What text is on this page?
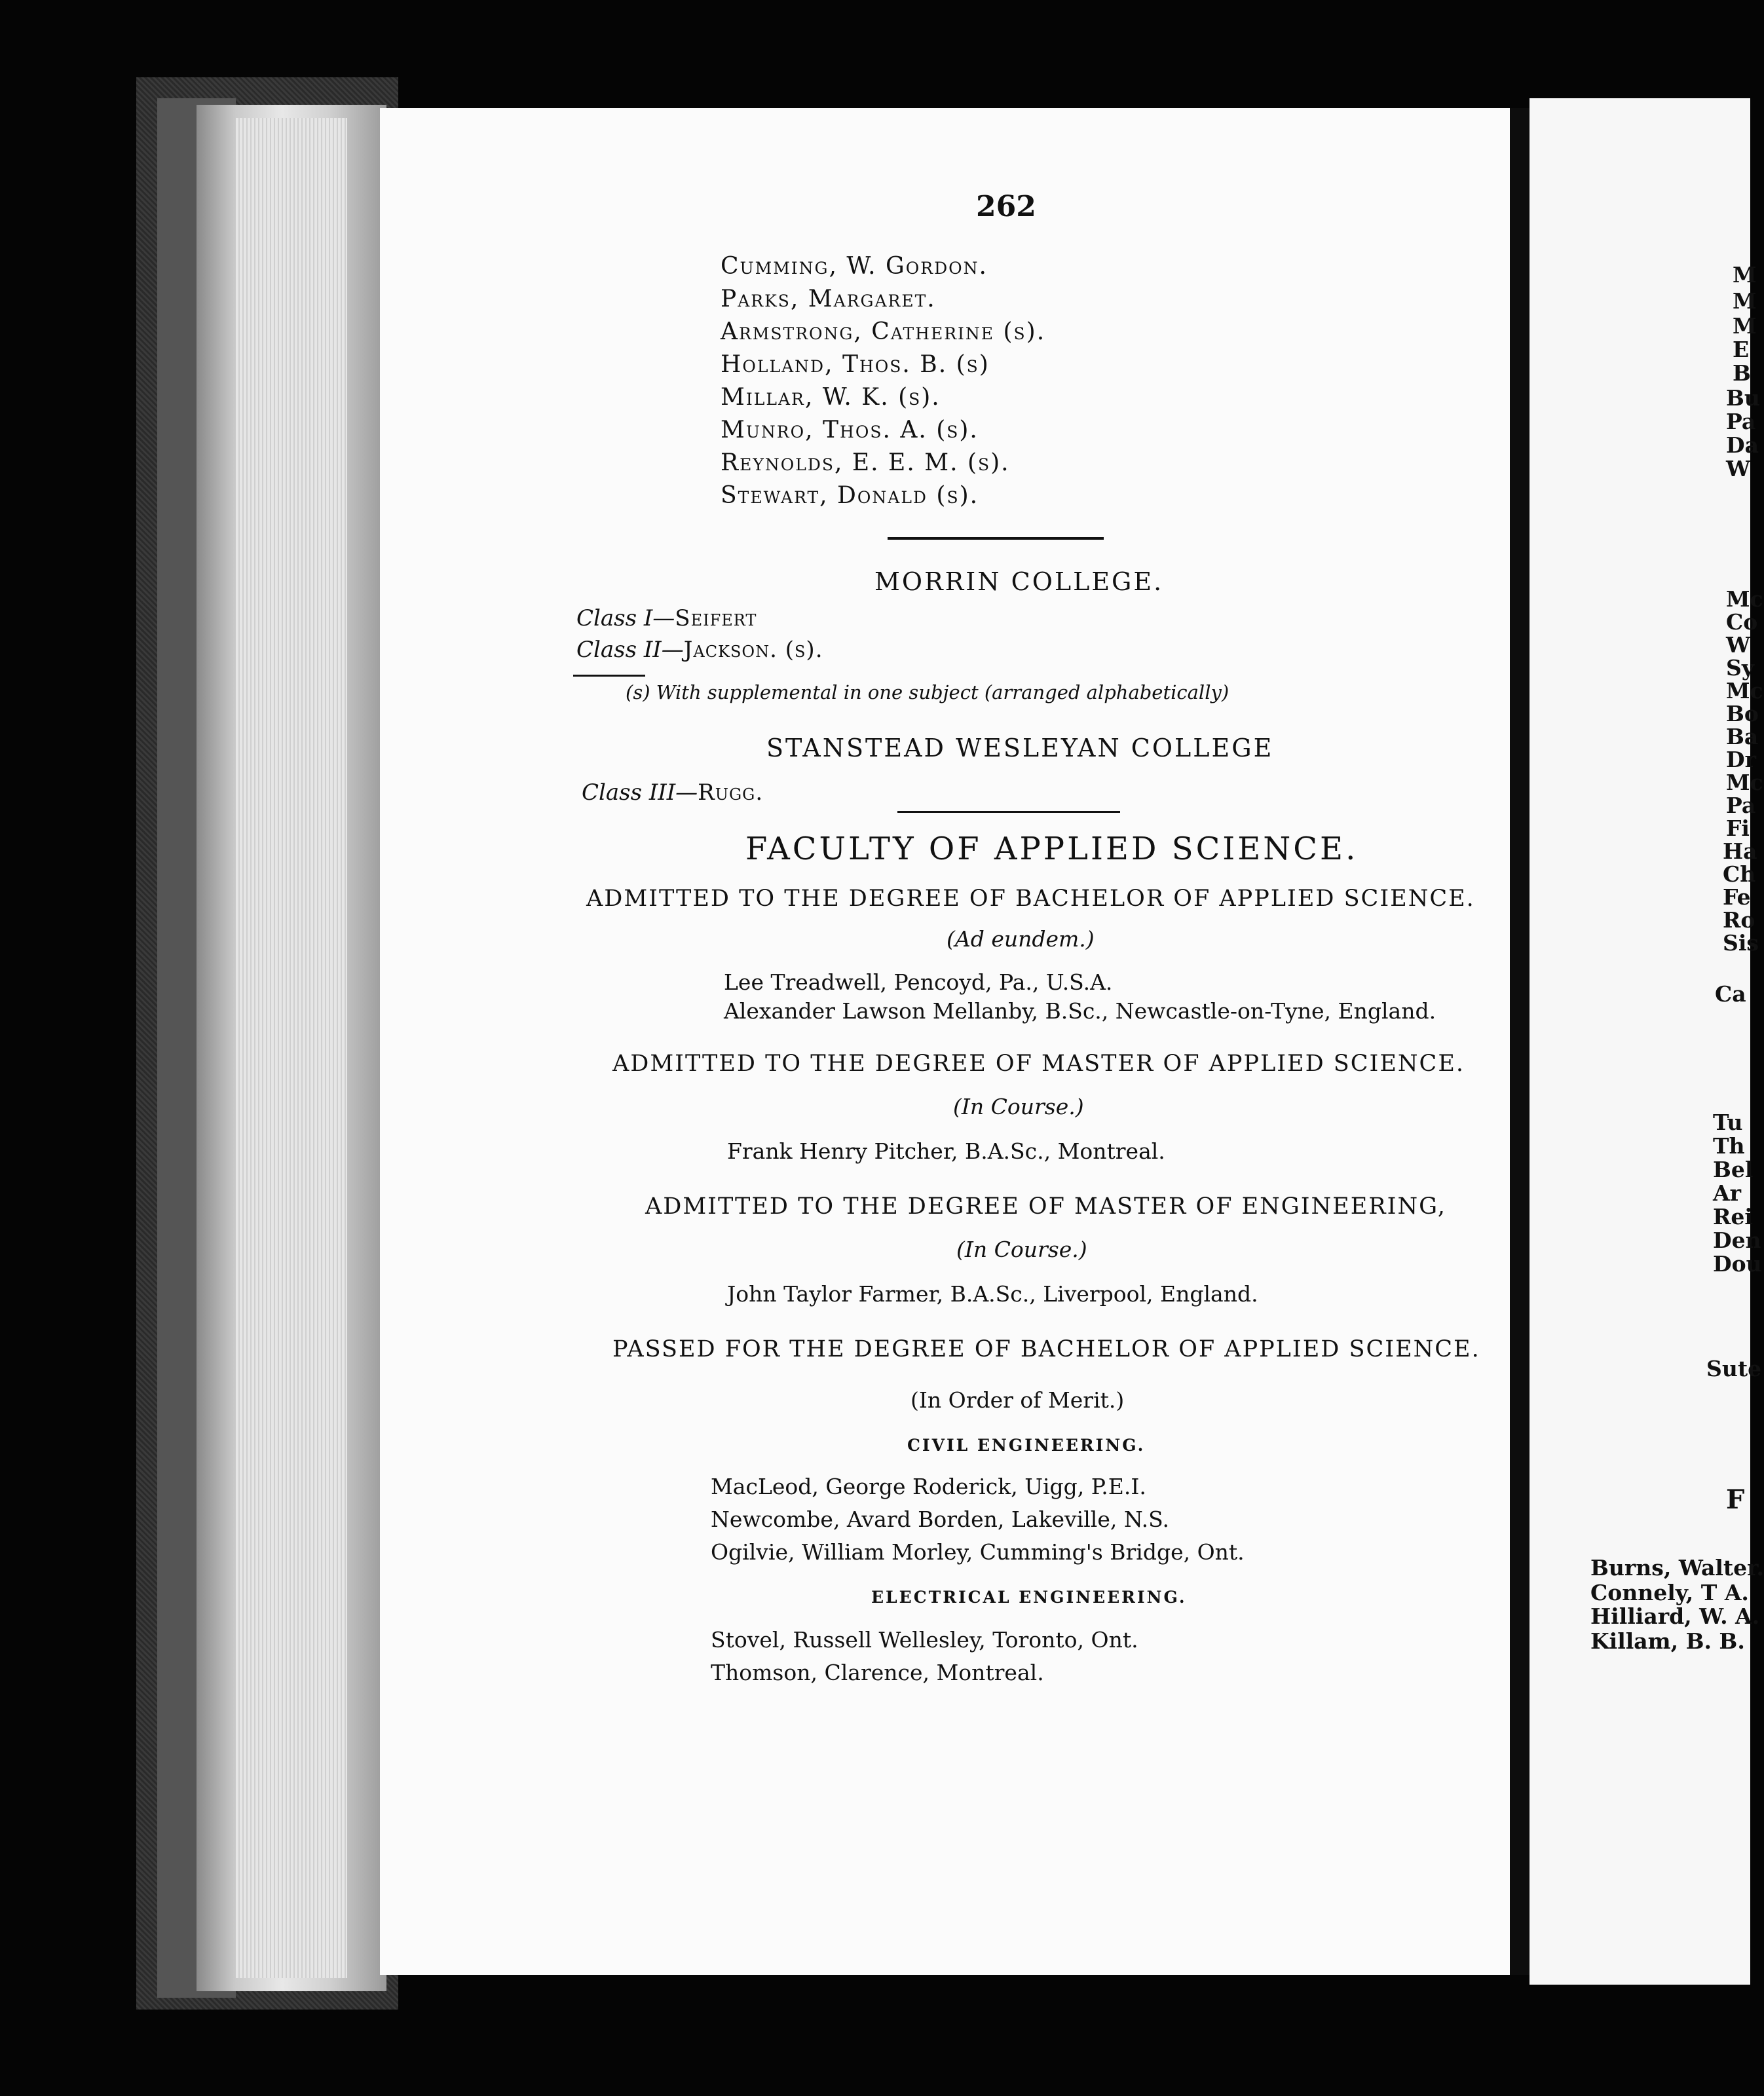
262
Cumming, W. Gordon.
Parks, Margaret.
Armstrong, Catherine (s).
Holland, Thos. B. (s)
Millar, W. K. (s).
Munro, Thos. A. (s).
Reynolds, E. E. M. (s).
Stewart, Donald (s).
MORRIN COLLEGE.
Class I—Seifert
Class II—Jackson. (s).
(s) With supplemental in one subject (arranged alphabetically)
STANSTEAD WESLEYAN COLLEGE
Class III—Rugg.
FACULTY OF APPLIED SCIENCE.
ADMITTED TO THE DEGREE OF BACHELOR OF APPLIED SCIENCE.
(Ad eundem.)
Lee Treadwell, Pencoyd, Pa., U.S.A.
Alexander Lawson Mellanby, B.Sc., Newcastle-on-Tyne, England.
ADMITTED TO THE DEGREE OF MASTER OF APPLIED SCIENCE.
(In Course.)
Frank Henry Pitcher, B.A.Sc., Montreal.
ADMITTED TO THE DEGREE OF MASTER OF ENGINEERING,
(In Course.)
John Taylor Farmer, B.A.Sc., Liverpool, England.
PASSED FOR THE DEGREE OF BACHELOR OF APPLIED SCIENCE.
(In Order of Merit.)
CIVIL ENGINEERING.
MacLeod, George Roderick, Uigg, P.E.I.
Newcombe, Avard Borden, Lakeville, N.S.
Ogilvie, William Morley, Cumming's Bridge, Ont.
ELECTRICAL ENGINEERING.
Stovel, Russell Wellesley, Toronto, Ont.
Thomson, Clarence, Montreal.
M
M
M
E
B
Bu
Pa
Da
W
Mc
Co
W
Sy
Mc
Bo
Ba
Dr
Mc
Pa
Fi
Ha
Ch
Fe
Ro
Sis
Ca
Tu
Th
Bel
Ar
Rei
Den
Dou
Sute
F
Burns, Walter.
Connely, T A.
Hilliard, W. A.
Killam, B. B.
